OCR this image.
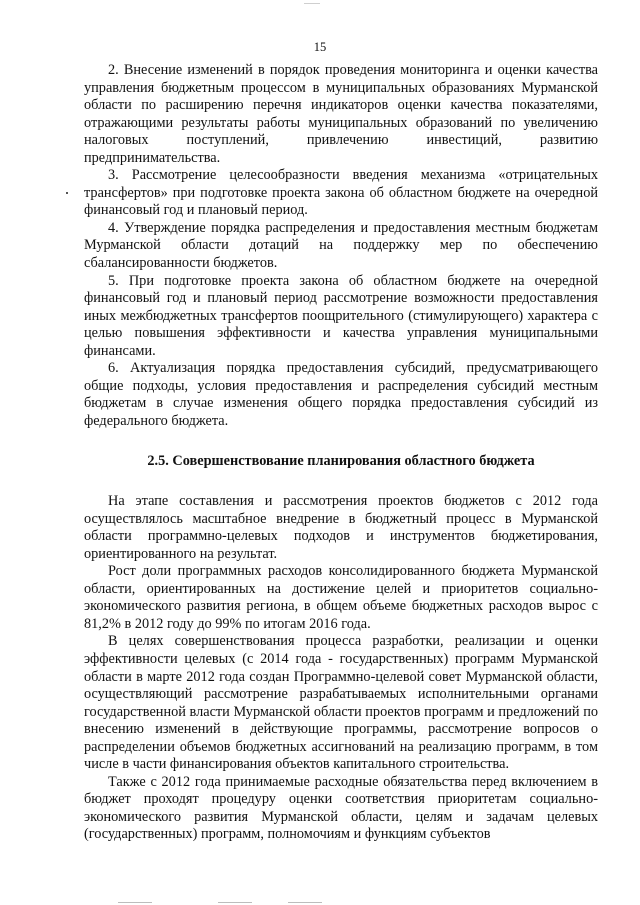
15

2. Внесение изменений в порядок проведения мониторинга и оценки качества управления бюджетным процессом в муниципальных образованиях Мурманской области по расширению перечня индикаторов оценки качества показателями, отражающими результаты работы муниципальных образований по увеличению налоговых поступлений, привлечению инвестиций, развитию предпринимательства.

3. Рассмотрение целесообразности введения механизма «отрицательных трансфертов» при подготовке проекта закона об областном бюджете на очередной финансовый год и плановый период.

4. Утверждение порядка распределения и предоставления местным бюджетам Мурманской области дотаций на поддержку мер по обеспечению сбалансированности бюджетов.

5. При подготовке проекта закона об областном бюджете на очередной финансовый год и плановый период рассмотрение возможности предоставления иных межбюджетных трансфертов поощрительного (стимулирующего) характера с целью повышения эффективности и качества управления муниципальными финансами.

6. Актуализация порядка предоставления субсидий, предусматривающего общие подходы, условия предоставления и распределения субсидий местным бюджетам в случае изменения общего порядка предоставления субсидий из федерального бюджета.

2.5. Совершенствование планирования областного бюджета

На этапе составления и рассмотрения проектов бюджетов с 2012 года осуществлялось масштабное внедрение в бюджетный процесс в Мурманской области программно-целевых подходов и инструментов бюджетирования, ориентированного на результат.

Рост доли программных расходов консолидированного бюджета Мурманской области, ориентированных на достижение целей и приоритетов социально-экономического развития региона, в общем объеме бюджетных расходов вырос с 81,2% в 2012 году до 99% по итогам 2016 года.

В целях совершенствования процесса разработки, реализации и оценки эффективности целевых (с 2014 года - государственных) программ Мурманской области в марте 2012 года создан Программно-целевой совет Мурманской области, осуществляющий рассмотрение разрабатываемых исполнительными органами государственной власти Мурманской области проектов программ и предложений по внесению изменений в действующие программы, рассмотрение вопросов о распределении объемов бюджетных ассигнований на реализацию программ, в том числе в части финансирования объектов капитального строительства.

Также с 2012 года принимаемые расходные обязательства перед включением в бюджет проходят процедуру оценки соответствия приоритетам социально-экономического развития Мурманской области, целям и задачам целевых (государственных) программ, полномочиям и функциям субъектов
